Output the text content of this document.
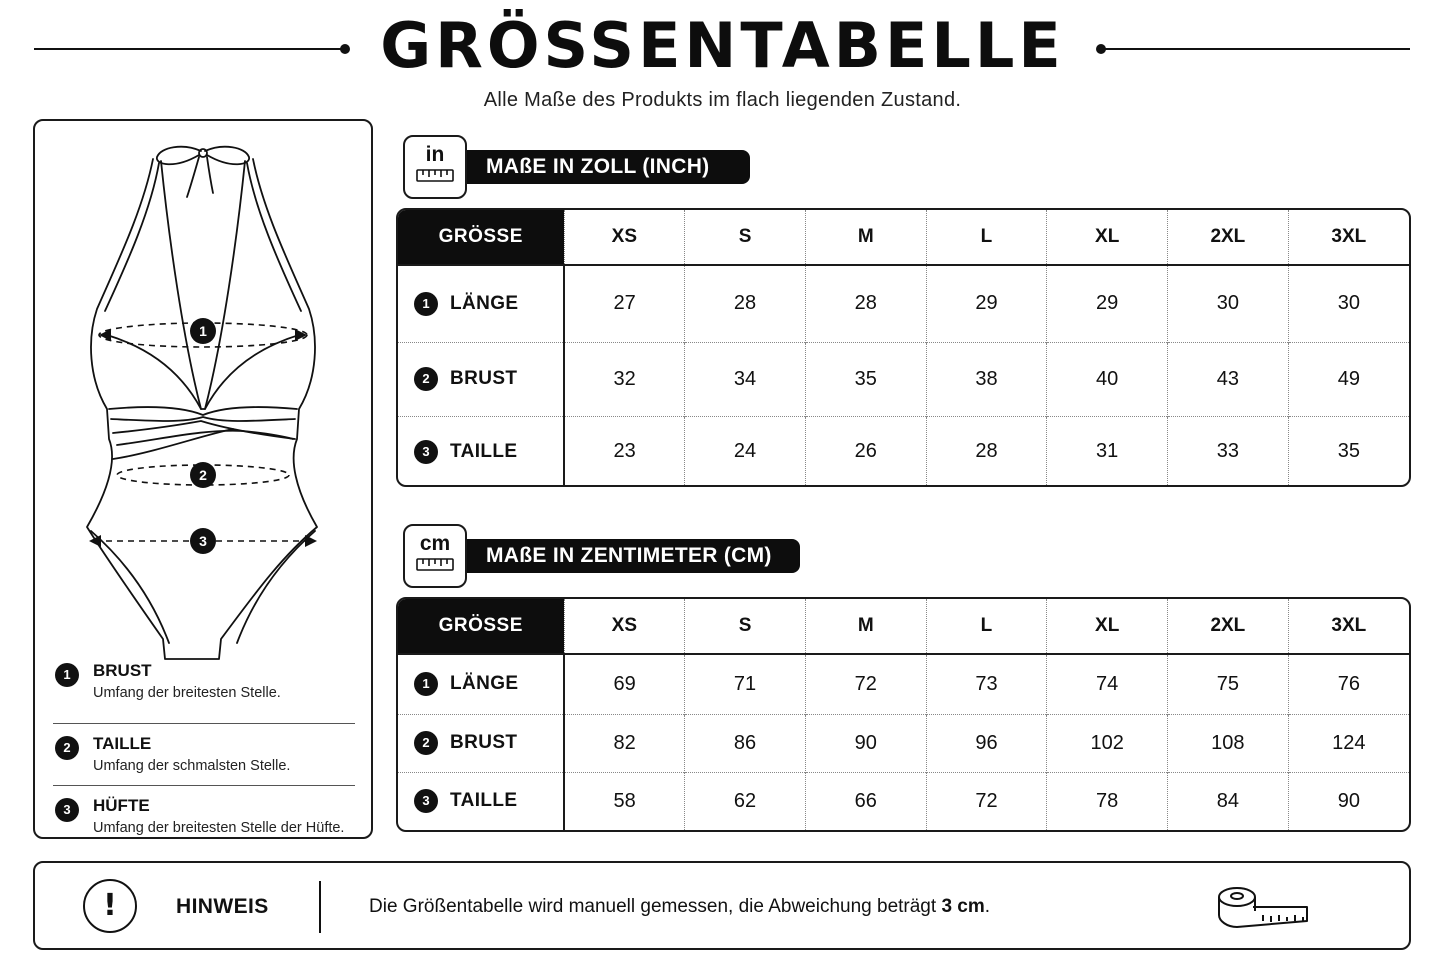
GRÖSSENTABELLE
Alle Maße des Produkts im flach liegenden Zustand.
1
2
3
1	BRUST
Umfang der breitesten Stelle.
2	TAILLE
Umfang der schmalsten Stelle.
3	HÜFTE
Umfang der breitesten Stelle der Hüfte.
MAßE IN ZOLL (INCH)
in
GRÖSSE	XS	S	M	L	XL	2XL	3XL
1 LÄNGE	27	28	28	29	29	30	30
2 BRUST	32	34	35	38	40	43	49
3 TAILLE	23	24	26	28	31	33	35
MAßE IN ZENTIMETER (CM)
cm
GRÖSSE	XS	S	M	L	XL	2XL	3XL
1 LÄNGE	69	71	72	73	74	75	76
2 BRUST	82	86	90	96	102	108	124
3 TAILLE	58	62	66	72	78	84	90
!	HINWEIS	Die Größentabelle wird manuell gemessen, die Abweichung beträgt 3 cm.
